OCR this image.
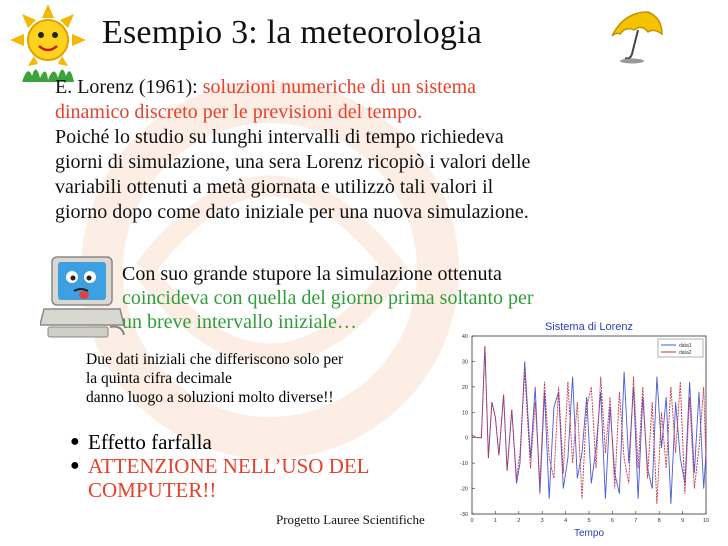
Esempio 3: la meteorologia
E. Lorenz (1961): soluzioni numeriche di un sistema
dinamico discreto per le previsioni del tempo.
Poiché lo studio su lunghi intervalli di tempo richiedeva
giorni di simulazione, una sera Lorenz ricopiò i valori delle
variabili ottenuti a metà giornata e utilizzò tali valori il
giorno dopo come dato iniziale per una nuova simulazione.
Con suo grande stupore la simulazione ottenuta
coincideva con quella del giorno prima soltanto per
un breve intervallo iniziale…
Due dati iniziali che differiscono solo per
la quinta cifra decimale
danno luogo a soluzioni molto diverse!!
● Effetto farfalla
● ATTENZIONE NELL’USO DEL
COMPUTER!!
Progetto Lauree Scientifiche
Sistema di Lorenz
-30
-20
-10
0
10
20
30
40
0	1	2	3	4	5	6	7	8	9	10
Tempo
data1
data2
